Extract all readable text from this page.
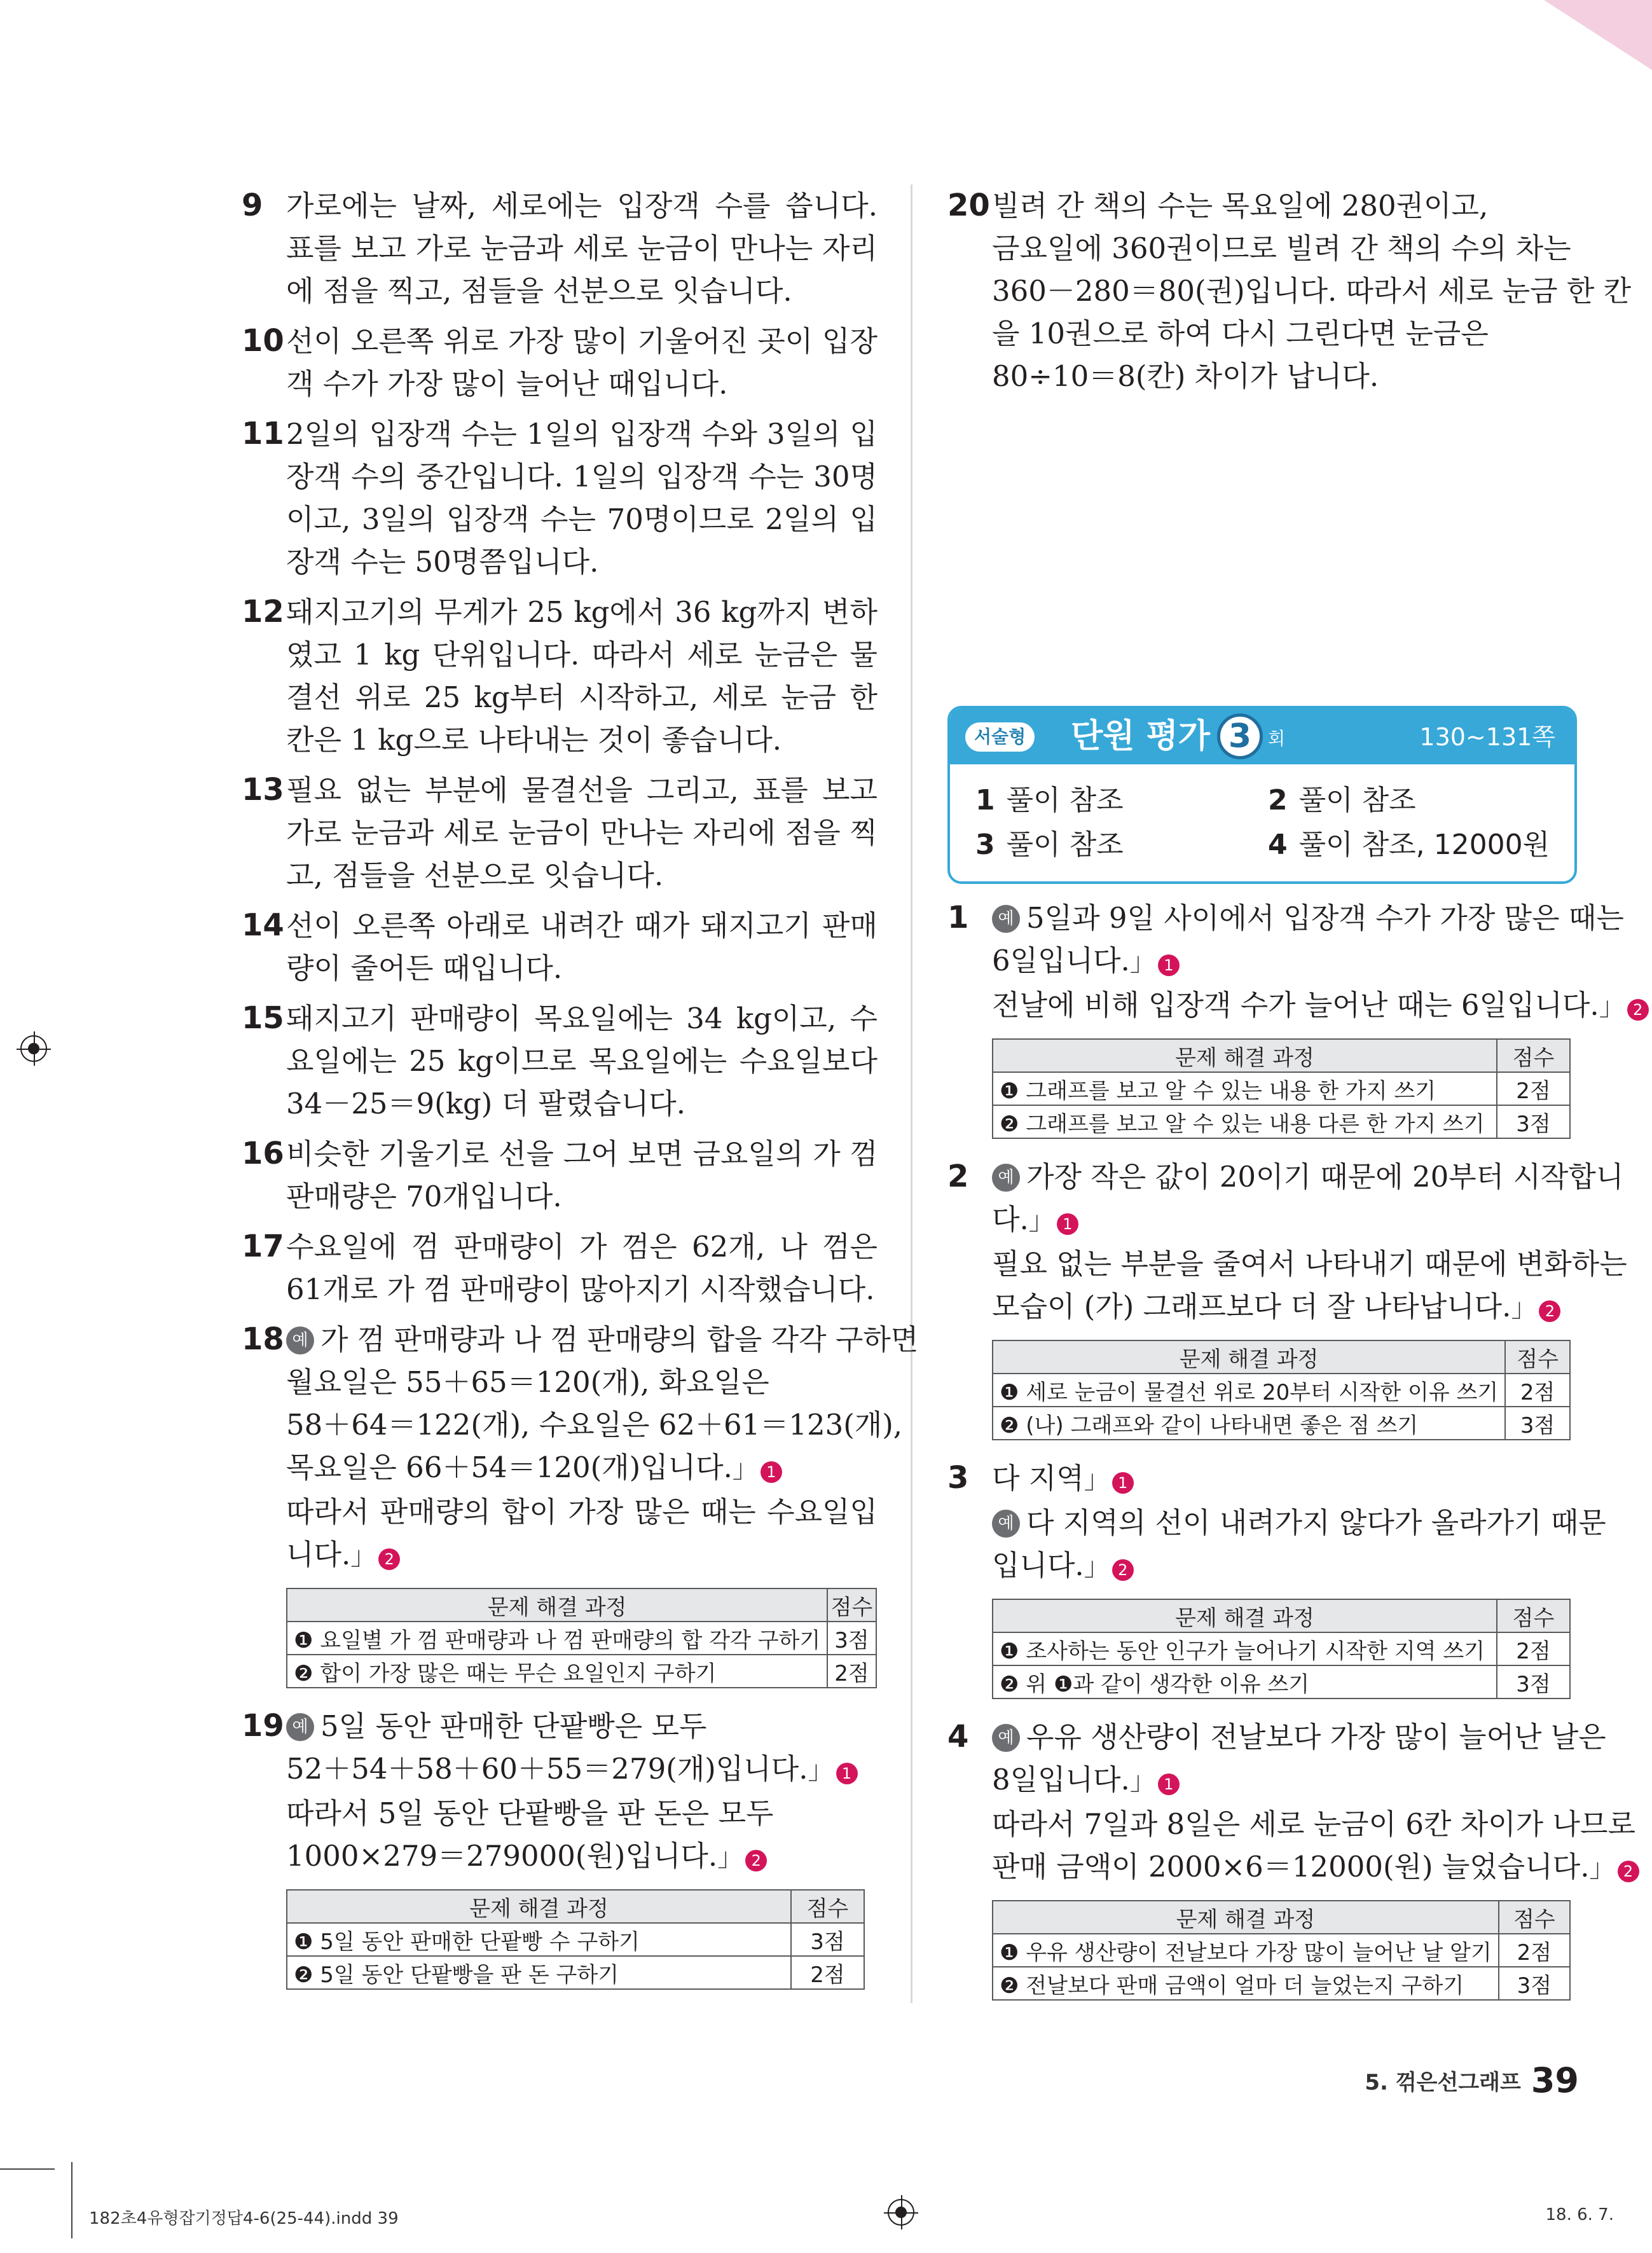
9 가로에는 날짜, 세로에는 입장객 수를 씁니다. 표를 보고 가로 눈금과 세로 눈금이 만나는 자리에 점을 찍고, 점들을 선분으로 잇습니다.

10 선이 오른쪽 위로 가장 많이 기울어진 곳이 입장객 수가 가장 많이 늘어난 때입니다.

11 2일의 입장객 수는 1일의 입장객 수와 3일의 입장객 수의 중간입니다. 1일의 입장객 수는 30명이고, 3일의 입장객 수는 70명이므로 2일의 입장객 수는 50명쯤입니다.

12 돼지고기의 무게가 25 kg에서 36 kg까지 변하였고 1 kg 단위입니다. 따라서 세로 눈금은 물결선 위로 25 kg부터 시작하고, 세로 눈금 한 칸은 1 kg으로 나타내는 것이 좋습니다.

13 필요 없는 부분에 물결선을 그리고, 표를 보고 가로 눈금과 세로 눈금이 만나는 자리에 점을 찍고, 점들을 선분으로 잇습니다.

14 선이 오른쪽 아래로 내려간 때가 돼지고기 판매량이 줄어든 때입니다.

15 돼지고기 판매량이 목요일에는 34 kg이고, 수요일에는 25 kg이므로 목요일에는 수요일보다 34－25＝9(kg) 더 팔렸습니다.

16 비슷한 기울기로 선을 그어 보면 금요일의 가 껌 판매량은 70개입니다.

17 수요일에 껌 판매량이 가 껌은 62개, 나 껌은 61개로 가 껌 판매량이 많아지기 시작했습니다.

18 예 가 껌 판매량과 나 껌 판매량의 합을 각각 구하면

월요일은 55＋65＝120(개), 화요일은

58＋64＝122(개), 수요일은 62＋61＝123(개),

목요일은 66＋54＝120(개)입니다.」 1

따라서 판매량의 합이 가장 많은 때는 수요일입니다.」 2

문제 해결 과정	점수
❶ 요일별 가 껌 판매량과 나 껌 판매량의 합 각각 구하기	3점
❷ 합이 가장 많은 때는 무슨 요일인지 구하기	2점
19 예 5일 동안 판매한 단팥빵은 모두

52＋54＋58＋60＋55＝279(개)입니다.」 1

따라서 5일 동안 단팥빵을 판 돈은 모두

1000×279＝279000(원)입니다.」 2

문제 해결 과정	점수
❶ 5일 동안 판매한 단팥빵 수 구하기	3점
❷ 5일 동안 단팥빵을 판 돈 구하기	2점
20 빌려 간 책의 수는 목요일에 280권이고,

금요일에 360권이므로 빌려 간 책의 수의 차는

360－280＝80(권)입니다. 따라서 세로 눈금 한 칸

을 10권으로 하여 다시 그린다면 눈금은

80÷10＝8(칸) 차이가 납니다.

서술형 단원 평가 3 회	130~131쪽
1 풀이 참조	2 풀이 참조
3 풀이 참조	4 풀이 참조, 12000원
1	예 5일과 9일 사이에서 입장객 수가 가장 많은 때는

6일입니다.」 1

전날에 비해 입장객 수가 늘어난 때는 6일입니다.」 2

문제 해결 과정	점수
❶ 그래프를 보고 알 수 있는 내용 한 가지 쓰기	2점
❷ 그래프를 보고 알 수 있는 내용 다른 한 가지 쓰기	3점
2	예 가장 작은 값이 20이기 때문에 20부터 시작합니

다.」 1

필요 없는 부분을 줄여서 나타내기 때문에 변화하는

모습이 (가) 그래프보다 더 잘 나타납니다.」 2

문제 해결 과정	점수
❶ 세로 눈금이 물결선 위로 20부터 시작한 이유 쓰기	2점
❷ (나) 그래프와 같이 나타내면 좋은 점 쓰기	3점
3 다 지역」 1

예 다 지역의 선이 내려가지 않다가 올라가기 때문

입니다.」 2

문제 해결 과정	점수
❶ 조사하는 동안 인구가 늘어나기 시작한 지역 쓰기	2점
❷ 위 ❶과 같이 생각한 이유 쓰기	3점
4	예 우유 생산량이 전날보다 가장 많이 늘어난 날은

8일입니다.」 1

따라서 7일과 8일은 세로 눈금이 6칸 차이가 나므로

판매 금액이 2000×6＝12000(원) 늘었습니다.」 2

문제 해결 과정	점수
❶ 우유 생산량이 전날보다 가장 많이 늘어난 날 알기	2점
❷ 전날보다 판매 금액이 얼마 더 늘었는지 구하기	3점
5. 꺾은선그래프 39
182초4유형잡기정답4-6(25-44).indd 39	18. 6. 7.
